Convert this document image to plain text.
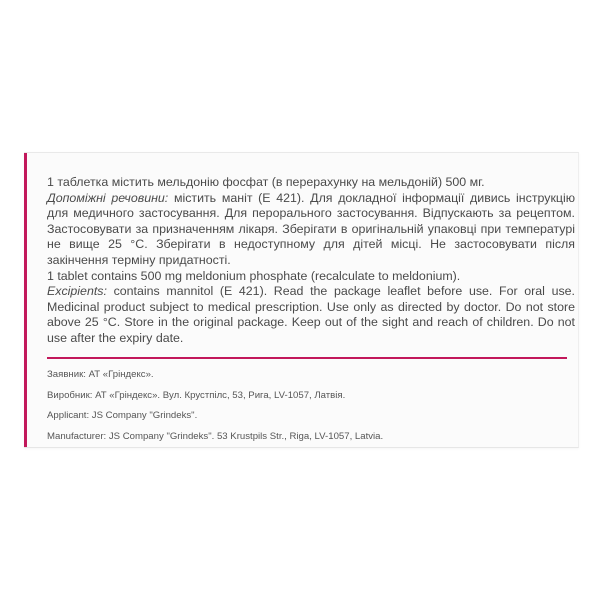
1 таблетка містить мельдонію фосфат (в перерахунку на мельдоній) 500 мг.
Допоміжні речовини: містить маніт (Е 421). Для докладної інформації дивись інструкцію для медичного застосування. Для перорального застосування. Відпускають за рецептом. Застосовувати за призначенням лікаря. Зберігати в оригінальній упаковці при температурі не вище 25 °С. Зберігати в недоступному для дітей місці. Не застосовувати після закінчення терміну придатності.

1 tablet contains 500 mg meldonium phosphate (recalculate to meldonium).
Excipients: contains mannitol (E 421). Read the package leaflet before use. For oral use. Medicinal product subject to medical prescription. Use only as directed by doctor. Do not store above 25 °C. Store in the original package. Keep out of the sight and reach of children. Do not use after the expiry date.

Заявник: АТ «Гріндекс».
Виробник: АТ «Гріндекс». Вул. Крустпілс, 53, Рига, LV-1057, Латвія.
Applicant: JS Company "Grindeks".
Manufacturer: JS Company "Grindeks". 53 Krustpils Str., Riga, LV-1057, Latvia.
